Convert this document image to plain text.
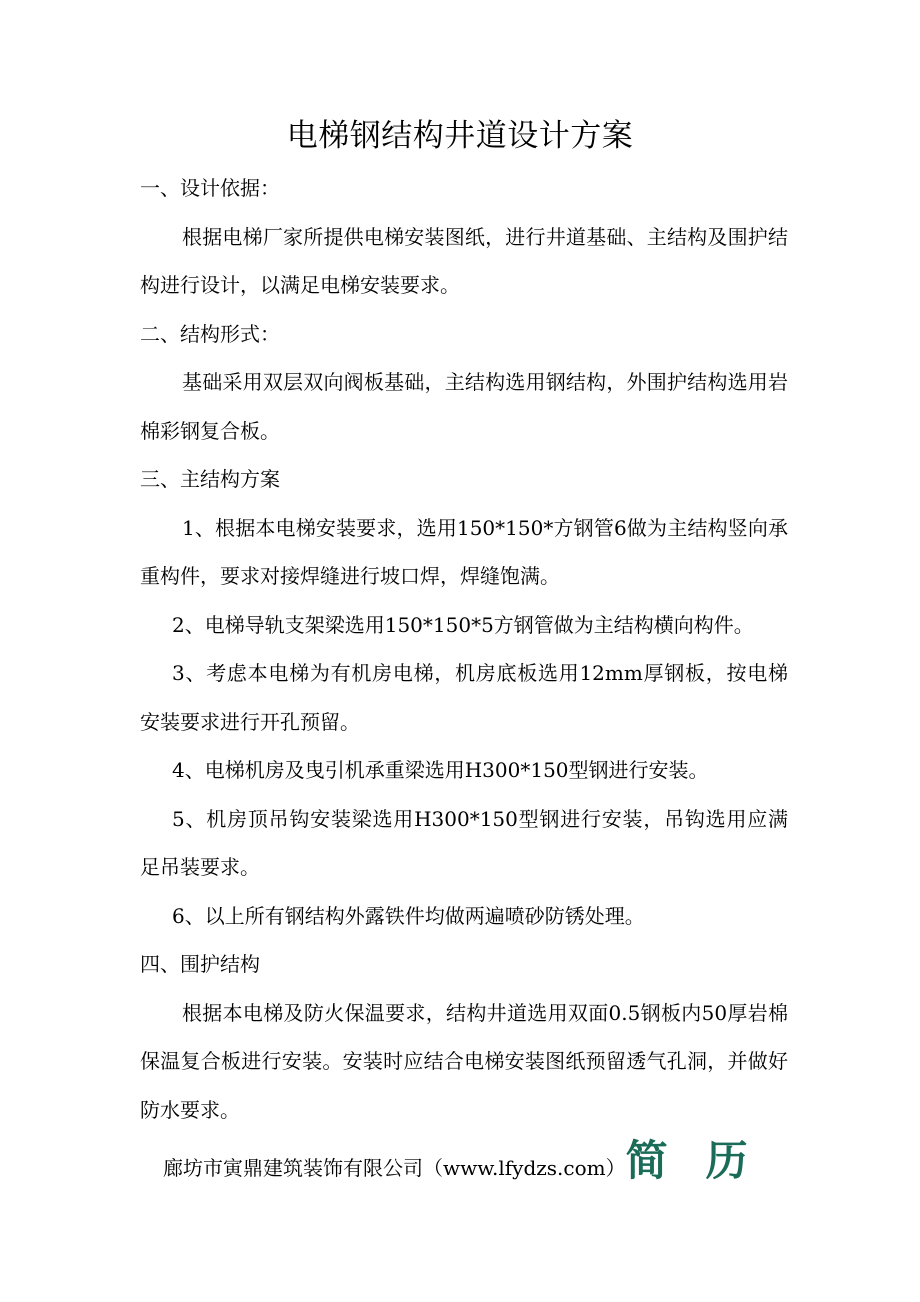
电梯钢结构井道设计方案

一、设计依据：

根据电梯厂家所提供电梯安装图纸，进行井道基础、主结构及围护结构进行设计，以满足电梯安装要求。

二、结构形式：

基础采用双层双向阀板基础，主结构选用钢结构，外围护结构选用岩棉彩钢复合板。

三、主结构方案

1、根据本电梯安装要求，选用150*150*方钢管6做为主结构竖向承重构件，要求对接焊缝进行坡口焊，焊缝饱满。

2、电梯导轨支架梁选用150*150*5方钢管做为主结构横向构件。

3、考虑本电梯为有机房电梯，机房底板选用12mm厚钢板，按电梯安装要求进行开孔预留。

4、电梯机房及曳引机承重梁选用H300*150型钢进行安装。

5、机房顶吊钩安装梁选用H300*150型钢进行安装，吊钩选用应满足吊装要求。

6、以上所有钢结构外露铁件均做两遍喷砂防锈处理。

四、围护结构

根据本电梯及防火保温要求，结构井道选用双面0.5钢板内50厚岩棉保温复合板进行安装。安装时应结合电梯安装图纸预留透气孔洞，并做好防水要求。

廊坊市寅鼎建筑装饰有限公司（www.lfydzs.com）简历
